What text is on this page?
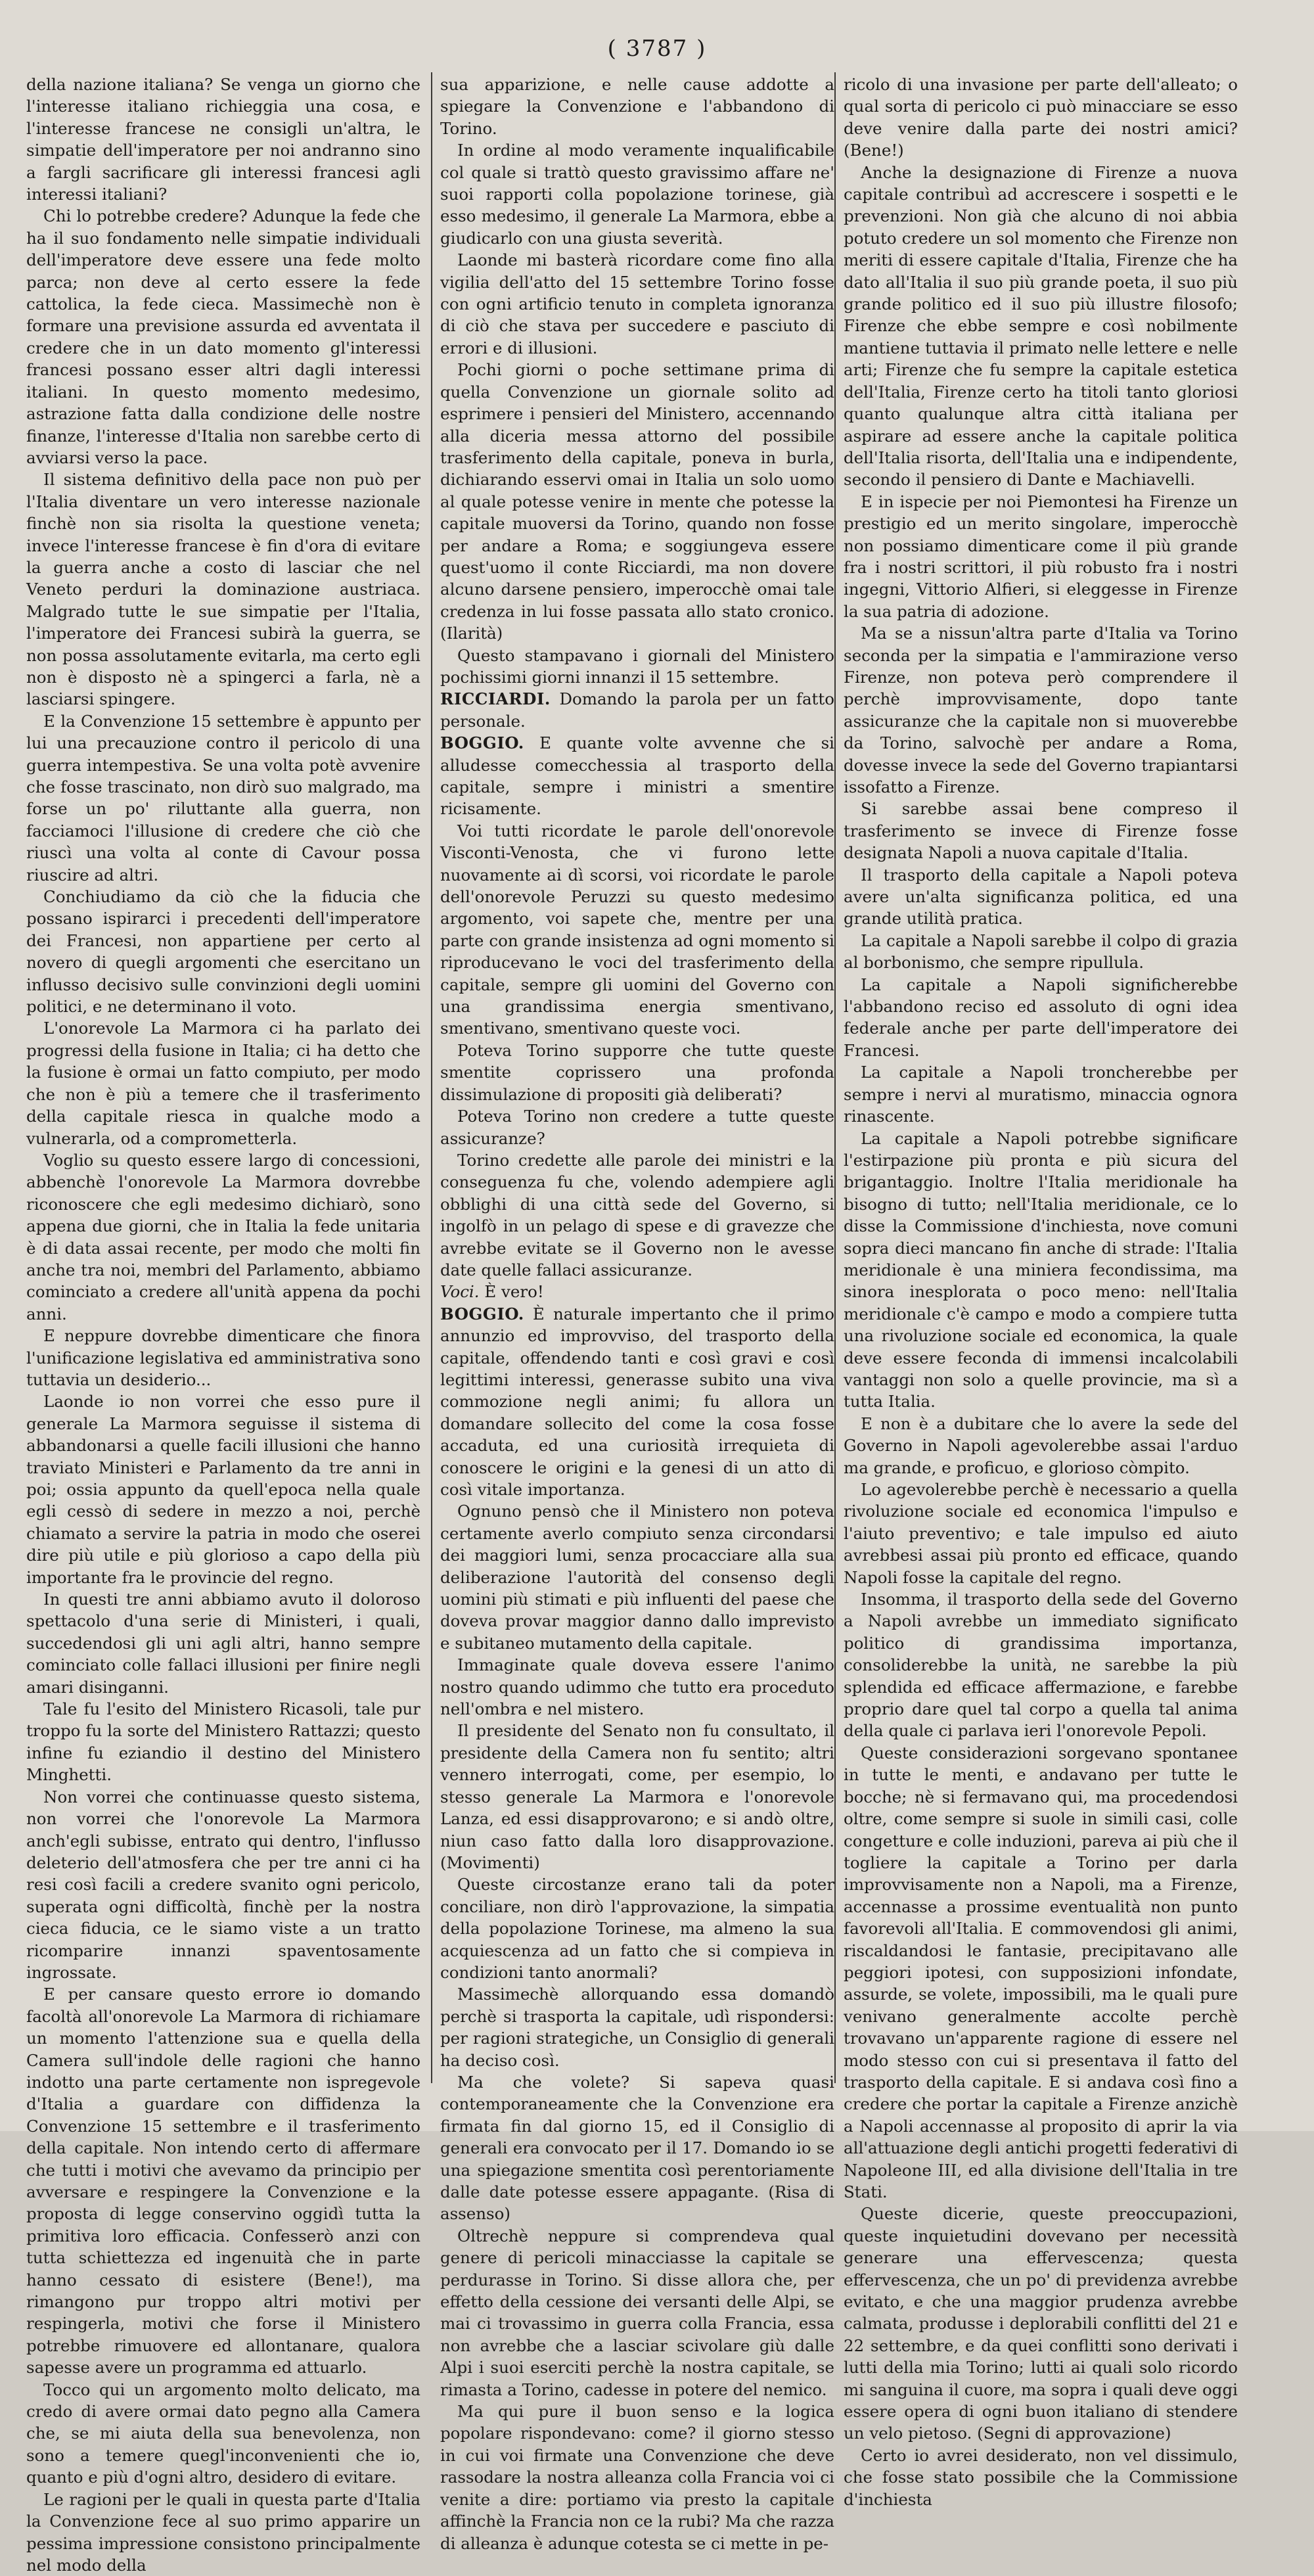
( 3787 )

della nazione italiana? Se venga un giorno che l'interesse italiano richieggia una cosa, e l'interesse francese ne consigli un'altra, le simpatie dell'imperatore per noi andranno sino a fargli sacrificare gli interessi francesi agli interessi italiani?

Chi lo potrebbe credere? Adunque la fede che ha il suo fondamento nelle simpatie individuali dell'imperatore deve essere una fede molto parca; non deve al certo essere la fede cattolica, la fede cieca. Massimechè non è formare una previsione assurda ed avventata il credere che in un dato momento gl'interessi francesi possano esser altri dagli interessi italiani. In questo momento medesimo, astrazione fatta dalla condizione delle nostre finanze, l'interesse d'Italia non sarebbe certo di avviarsi verso la pace.

Il sistema definitivo della pace non può per l'Italia diventare un vero interesse nazionale finchè non sia risolta la questione veneta; invece l'interesse francese è fin d'ora di evitare la guerra anche a costo di lasciar che nel Veneto perduri la dominazione austriaca. Malgrado tutte le sue simpatie per l'Italia, l'imperatore dei Francesi subirà la guerra, se non possa assolutamente evitarla, ma certo egli non è disposto nè a spingerci a farla, nè a lasciarsi spingere.

E la Convenzione 15 settembre è appunto per lui una precauzione contro il pericolo di una guerra intempestiva. Se una volta potè avvenire che fosse trascinato, non dirò suo malgrado, ma forse un po' riluttante alla guerra, non facciamoci l'illusione di credere che ciò che riuscì una volta al conte di Cavour possa riuscire ad altri.

Conchiudiamo da ciò che la fiducia che possano ispirarci i precedenti dell'imperatore dei Francesi, non appartiene per certo al novero di quegli argomenti che esercitano un influsso decisivo sulle convinzioni degli uomini politici, e ne determinano il voto.

L'onorevole La Marmora ci ha parlato dei progressi della fusione in Italia; ci ha detto che la fusione è ormai un fatto compiuto, per modo che non è più a temere che il trasferimento della capitale riesca in qualche modo a vulnerarla, od a comprometterla.

Voglio su questo essere largo di concessioni, abbenchè l'onorevole La Marmora dovrebbe riconoscere che egli medesimo dichiarò, sono appena due giorni, che in Italia la fede unitaria è di data assai recente, per modo che molti fin anche tra noi, membri del Parlamento, abbiamo cominciato a credere all'unità appena da pochi anni.

E neppure dovrebbe dimenticare che finora l'unificazione legislativa ed amministrativa sono tuttavia un desiderio...

Laonde io non vorrei che esso pure il generale La Marmora seguisse il sistema di abbandonarsi a quelle facili illusioni che hanno traviato Ministeri e Parlamento da tre anni in poi; ossia appunto da quell'epoca nella quale egli cessò di sedere in mezzo a noi, perchè chiamato a servire la patria in modo che oserei dire più utile e più glorioso a capo della più importante fra le provincie del regno.

In questi tre anni abbiamo avuto il doloroso spettacolo d'una serie di Ministeri, i quali, succedendosi gli uni agli altri, hanno sempre cominciato colle fallaci illusioni per finire negli amari disinganni.

Tale fu l'esito del Ministero Ricasoli, tale pur troppo fu la sorte del Ministero Rattazzi; questo infine fu eziandio il destino del Ministero Minghetti.

Non vorrei che continuasse questo sistema, non vorrei che l'onorevole La Marmora anch'egli subisse, entrato qui dentro, l'influsso deleterio dell'atmosfera che per tre anni ci ha resi così facili a credere svanito ogni pericolo, superata ogni difficoltà, finchè per la nostra cieca fiducia, ce le siamo viste a un tratto ricomparire innanzi spaventosamente ingrossate.

E per cansare questo errore io domando facoltà all'onorevole La Marmora di richiamare un momento l'attenzione sua e quella della Camera sull'indole delle ragioni che hanno indotto una parte certamente non ispregevole d'Italia a guardare con diffidenza la Convenzione 15 settembre e il trasferimento della capitale. Non intendo certo di affermare che tutti i motivi che avevamo da principio per avversare e respingere la Convenzione e la proposta di legge conservino oggidì tutta la primitiva loro efficacia. Confesserò anzi con tutta schiettezza ed ingenuità che in parte hanno cessato di esistere (Bene!), ma rimangono pur troppo altri motivi per respingerla, motivi che forse il Ministero potrebbe rimuovere ed allontanare, qualora sapesse avere un programma ed attuarlo.

Tocco qui un argomento molto delicato, ma credo di avere ormai dato pegno alla Camera che, se mi aiuta della sua benevolenza, non sono a temere quegl'inconvenienti che io, quanto e più d'ogni altro, desidero di evitare.

Le ragioni per le quali in questa parte d'Italia la Convenzione fece al suo primo apparire un pessima impressione consistono principalmente nel modo della

sua apparizione, e nelle cause addotte a spiegare la Convenzione e l'abbandono di Torino.

In ordine al modo veramente inqualificabile col quale si trattò questo gravissimo affare ne' suoi rapporti colla popolazione torinese, già esso medesimo, il generale La Marmora, ebbe a giudicarlo con una giusta severità.

Laonde mi basterà ricordare come fino alla vigilia dell'atto del 15 settembre Torino fosse con ogni artificio tenuto in completa ignoranza di ciò che stava per succedere e pasciuto di errori e di illusioni.

Pochi giorni o poche settimane prima di quella Convenzione un giornale solito ad esprimere i pensieri del Ministero, accennando alla diceria messa attorno del possibile trasferimento della capitale, poneva in burla, dichiarando esservi omai in Italia un solo uomo al quale potesse venire in mente che potesse la capitale muoversi da Torino, quando non fosse per andare a Roma; e soggiungeva essere quest'uomo il conte Ricciardi, ma non dovere alcuno darsene pensiero, imperocchè omai tale credenza in lui fosse passata allo stato cronico. (Ilarità)

Questo stampavano i giornali del Ministero pochissimi giorni innanzi il 15 settembre.

RICCIARDI. Domando la parola per un fatto personale.

BOGGIO. E quante volte avvenne che si alludesse comecchessia al trasporto della capitale, sempre i ministri a smentire ricisamente.

Voi tutti ricordate le parole dell'onorevole Visconti-Venosta, che vi furono lette nuovamente ai dì scorsi, voi ricordate le parole dell'onorevole Peruzzi su questo medesimo argomento, voi sapete che, mentre per una parte con grande insistenza ad ogni momento si riproducevano le voci del trasferimento della capitale, sempre gli uomini del Governo con una grandissima energia smentivano, smentivano, smentivano queste voci.

Poteva Torino supporre che tutte queste smentite coprissero una profonda dissimulazione di propositi già deliberati?

Poteva Torino non credere a tutte queste assicuranze?

Torino credette alle parole dei ministri e la conseguenza fu che, volendo adempiere agli obblighi di una città sede del Governo, si ingolfò in un pelago di spese e di gravezze che avrebbe evitate se il Governo non le avesse date quelle fallaci assicuranze.

Voci. È vero!

BOGGIO. È naturale impertanto che il primo annunzio ed improvviso, del trasporto della capitale, offendendo tanti e così gravi e così legittimi interessi, generasse subito una viva commozione negli animi; fu allora un domandare sollecito del come la cosa fosse accaduta, ed una curiosità irrequieta di conoscere le origini e la genesi di un atto di così vitale importanza.

Ognuno pensò che il Ministero non poteva certamente averlo compiuto senza circondarsi dei maggiori lumi, senza procacciare alla sua deliberazione l'autorità del consenso degli uomini più stimati e più influenti del paese che doveva provar maggior danno dallo imprevisto e subitaneo mutamento della capitale.

Immaginate quale doveva essere l'animo nostro quando udimmo che tutto era proceduto nell'ombra e nel mistero.

Il presidente del Senato non fu consultato, il presidente della Camera non fu sentito; altri vennero interrogati, come, per esempio, lo stesso generale La Marmora e l'onorevole Lanza, ed essi disapprovarono; e si andò oltre, niun caso fatto dalla loro disapprovazione. (Movimenti)

Queste circostanze erano tali da poter conciliare, non dirò l'approvazione, la simpatia della popolazione Torinese, ma almeno la sua acquiescenza ad un fatto che si compieva in condizioni tanto anormali?

Massimechè allorquando essa domandò perchè si trasporta la capitale, udì rispondersi: per ragioni strategiche, un Consiglio di generali ha deciso così.

Ma che volete? Si sapeva quasi contemporaneamente che la Convenzione era firmata fin dal giorno 15, ed il Consiglio di generali era convocato per il 17. Domando io se una spiegazione smentita così perentoriamente dalle date potesse essere appagante. (Risa di assenso)

Oltrechè neppure si comprendeva qual genere di pericoli minacciasse la capitale se perdurasse in Torino. Si disse allora che, per effetto della cessione dei versanti delle Alpi, se mai ci trovassimo in guerra colla Francia, essa non avrebbe che a lasciar scivolare giù dalle Alpi i suoi eserciti perchè la nostra capitale, se rimasta a Torino, cadesse in potere del nemico.

Ma qui pure il buon senso e la logica popolare rispondevano: come? il giorno stesso in cui voi firmate una Convenzione che deve rassodare la nostra alleanza colla Francia voi ci venite a dire: portiamo via presto la capitale affinchè la Francia non ce la rubi? Ma che razza di alleanza è adunque cotesta se ci mette in pe-

ricolo di una invasione per parte dell'alleato; o qual sorta di pericolo ci può minacciare se esso deve venire dalla parte dei nostri amici? (Bene!)

Anche la designazione di Firenze a nuova capitale contribuì ad accrescere i sospetti e le prevenzioni. Non già che alcuno di noi abbia potuto credere un sol momento che Firenze non meriti di essere capitale d'Italia, Firenze che ha dato all'Italia il suo più grande poeta, il suo più grande politico ed il suo più illustre filosofo; Firenze che ebbe sempre e così nobilmente mantiene tuttavia il primato nelle lettere e nelle arti; Firenze che fu sempre la capitale estetica dell'Italia, Firenze certo ha titoli tanto gloriosi quanto qualunque altra città italiana per aspirare ad essere anche la capitale politica dell'Italia risorta, dell'Italia una e indipendente, secondo il pensiero di Dante e Machiavelli.

E in ispecie per noi Piemontesi ha Firenze un prestigio ed un merito singolare, imperocchè non possiamo dimenticare come il più grande fra i nostri scrittori, il più robusto fra i nostri ingegni, Vittorio Alfieri, si eleggesse in Firenze la sua patria di adozione.

Ma se a nissun'altra parte d'Italia va Torino seconda per la simpatia e l'ammirazione verso Firenze, non poteva però comprendere il perchè improvvisamente, dopo tante assicuranze che la capitale non si muoverebbe da Torino, salvochè per andare a Roma, dovesse invece la sede del Governo trapiantarsi issofatto a Firenze.

Si sarebbe assai bene compreso il trasferimento se invece di Firenze fosse designata Napoli a nuova capitale d'Italia.

Il trasporto della capitale a Napoli poteva avere un'alta significanza politica, ed una grande utilità pratica.

La capitale a Napoli sarebbe il colpo di grazia al borbonismo, che sempre ripullula.

La capitale a Napoli significherebbe l'abbandono reciso ed assoluto di ogni idea federale anche per parte dell'imperatore dei Francesi.

La capitale a Napoli troncherebbe per sempre i nervi al muratismo, minaccia ognora rinascente.

La capitale a Napoli potrebbe significare l'estirpazione più pronta e più sicura del brigantaggio. Inoltre l'Italia meridionale ha bisogno di tutto; nell'Italia meridionale, ce lo disse la Commissione d'inchiesta, nove comuni sopra dieci mancano fin anche di strade: l'Italia meridionale è una miniera fecondissima, ma sinora inesplorata o poco meno: nell'Italia meridionale c'è campo e modo a compiere tutta una rivoluzione sociale ed economica, la quale deve essere feconda di immensi incalcolabili vantaggi non solo a quelle provincie, ma sì a tutta Italia.

E non è a dubitare che lo avere la sede del Governo in Napoli agevolerebbe assai l'arduo ma grande, e proficuo, e glorioso còmpito.

Lo agevolerebbe perchè è necessario a quella rivoluzione sociale ed economica l'impulso e l'aiuto preventivo; e tale impulso ed aiuto avrebbesi assai più pronto ed efficace, quando Napoli fosse la capitale del regno.

Insomma, il trasporto della sede del Governo a Napoli avrebbe un immediato significato politico di grandissima importanza, consoliderebbe la unità, ne sarebbe la più splendida ed efficace affermazione, e farebbe proprio dare quel tal corpo a quella tal anima della quale ci parlava ieri l'onorevole Pepoli.

Queste considerazioni sorgevano spontanee in tutte le menti, e andavano per tutte le bocche; nè si fermavano qui, ma procedendosi oltre, come sempre si suole in simili casi, colle congetture e colle induzioni, pareva ai più che il togliere la capitale a Torino per darla improvvisamente non a Napoli, ma a Firenze, accennasse a prossime eventualità non punto favorevoli all'Italia. E commovendosi gli animi, riscaldandosi le fantasie, precipitavano alle peggiori ipotesi, con supposizioni infondate, assurde, se volete, impossibili, ma le quali pure venivano generalmente accolte perchè trovavano un'apparente ragione di essere nel modo stesso con cui si presentava il fatto del trasporto della capitale. E si andava così fino a credere che portar la capitale a Firenze anzichè a Napoli accennasse al proposito di aprir la via all'attuazione degli antichi progetti federativi di Napoleone III, ed alla divisione dell'Italia in tre Stati.

Queste dicerie, queste preoccupazioni, queste inquietudini dovevano per necessità generare una effervescenza; questa effervescenza, che un po' di previdenza avrebbe evitato, e che una maggior prudenza avrebbe calmata, produsse i deplorabili conflitti del 21 e 22 settembre, e da quei conflitti sono derivati i lutti della mia Torino; lutti ai quali solo ricordo mi sanguina il cuore, ma sopra i quali deve oggi essere opera di ogni buon italiano di stendere un velo pietoso. (Segni di approvazione)

Certo io avrei desiderato, non vel dissimulo, che fosse stato possibile che la Commissione d'inchiesta
